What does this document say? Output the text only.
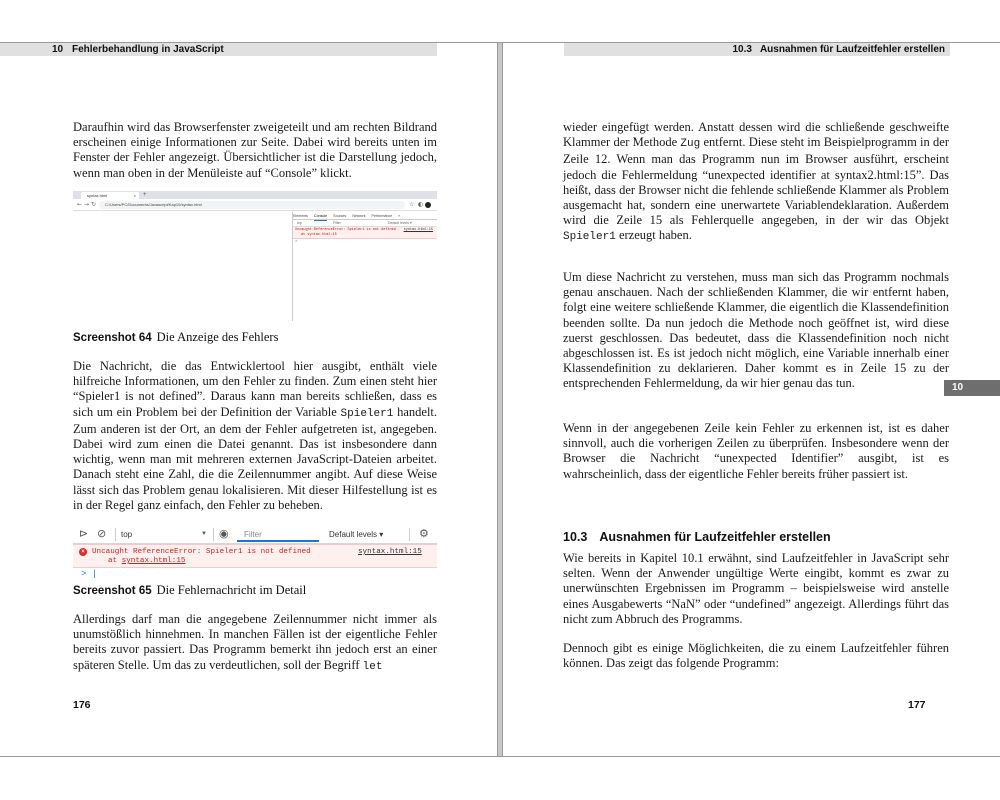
10 Fehlerbehandlung in JavaScript
Daraufhin wird das Browserfenster zweigeteilt und am rechten Bildrand erscheinen einige Informationen zur Seite. Dabei wird bereits unten im Fenster der Fehler angezeigt. Übersichtlicher ist die Darstellung jedoch, wenn man oben in der Menüleiste auf “Console” klickt.
syntax.html	× +
← → ↻	C:/Users/PC/Documents/Javascript/Kap10/syntax.html	☆ ◐
Elements Console Sources Network Performance »
top	Filter	Default levels ▾
Uncaught ReferenceError: Spieler1 is not defined syntax.html:15

at syntax.html:15
>
Screenshot 64 Die Anzeige des Fehlers
Die Nachricht, die das Entwicklertool hier ausgibt, enthält viele hilfreiche Informationen, um den Fehler zu finden. Zum einen steht hier “Spieler1 is not defined”. Daraus kann man bereits schließen, dass es sich um ein Problem bei der Definition der Variable Spieler1 handelt. Zum anderen ist der Ort, an dem der Fehler aufgetreten ist, angegeben. Dabei wird zum einen die Datei genannt. Das ist insbesondere dann wichtig, wenn man mit mehreren externen JavaScript-Dateien arbeitet. Danach steht eine Zahl, die die Zeilennummer angibt. Auf diese Weise lässt sich das Problem genau lokalisieren. Mit dieser Hilfestellung ist es in der Regel ganz einfach, den Fehler zu beheben.
⊳ ⊘ top	▼ ◉	Filter	Default levels ▾	⚙
× Uncaught ReferenceError: Spieler1 is not defined	syntax.html:15
at syntax.html:15
> |
Screenshot 65 Die Fehlernachricht im Detail
Allerdings darf man die angegebene Zeilennummer nicht immer als unumstößlich hinnehmen. In manchen Fällen ist der eigentliche Fehler bereits zuvor passiert. Das Programm bemerkt ihn jedoch erst an einer späteren Stelle. Um das zu verdeutlichen, soll der Begriff let
176
10.3 Ausnahmen für Laufzeitfehler erstellen
wieder eingefügt werden. Anstatt dessen wird die schließende geschweifte Klammer der Methode Zug entfernt. Diese steht im Beispielprogramm in der Zeile 12. Wenn man das Programm nun im Browser ausführt, erscheint jedoch die Fehlermeldung “unexpected identifier at syntax2.html:15”. Das heißt, dass der Browser nicht die fehlende schließende Klammer als Problem ausgemacht hat, sondern eine unerwartete Variablendeklaration. Außerdem wird die Zeile 15 als Fehlerquelle angegeben, in der wir das Objekt Spieler1 erzeugt haben.
Um diese Nachricht zu verstehen, muss man sich das Programm nochmals genau anschauen. Nach der schließenden Klammer, die wir entfernt haben, folgt eine weitere schließende Klammer, die eigentlich die Klassendefinition beenden sollte. Da nun jedoch die Methode noch geöffnet ist, wird diese zuerst geschlossen. Das bedeutet, dass die Klassendefinition noch nicht abgeschlossen ist. Es ist jedoch nicht möglich, eine Variable innerhalb einer Klassendefinition zu deklarieren. Daher kommt es in Zeile 15 zu der entsprechenden Fehlermeldung, da wir hier genau das tun.
Wenn in der angegebenen Zeile kein Fehler zu erkennen ist, ist es daher sinnvoll, auch die vorherigen Zeilen zu überprüfen. Insbesondere wenn der Browser die Nachricht “unexpected Identifier” ausgibt, ist es wahrscheinlich, dass der eigentliche Fehler bereits früher passiert ist.
10.3 Ausnahmen für Laufzeitfehler erstellen
Wie bereits in Kapitel 10.1 erwähnt, sind Laufzeitfehler in JavaScript sehr selten. Wenn der Anwender ungültige Werte eingibt, kommt es zwar zu unerwünschten Ergebnissen im Programm – beispielsweise wird anstelle eines Ausgabewerts “NaN” oder “undefined” angezeigt. Allerdings führt das nicht zum Abbruch des Programms.
Dennoch gibt es einige Möglichkeiten, die zu einem Laufzeitfehler führen können. Das zeigt das folgende Programm:
10
177
